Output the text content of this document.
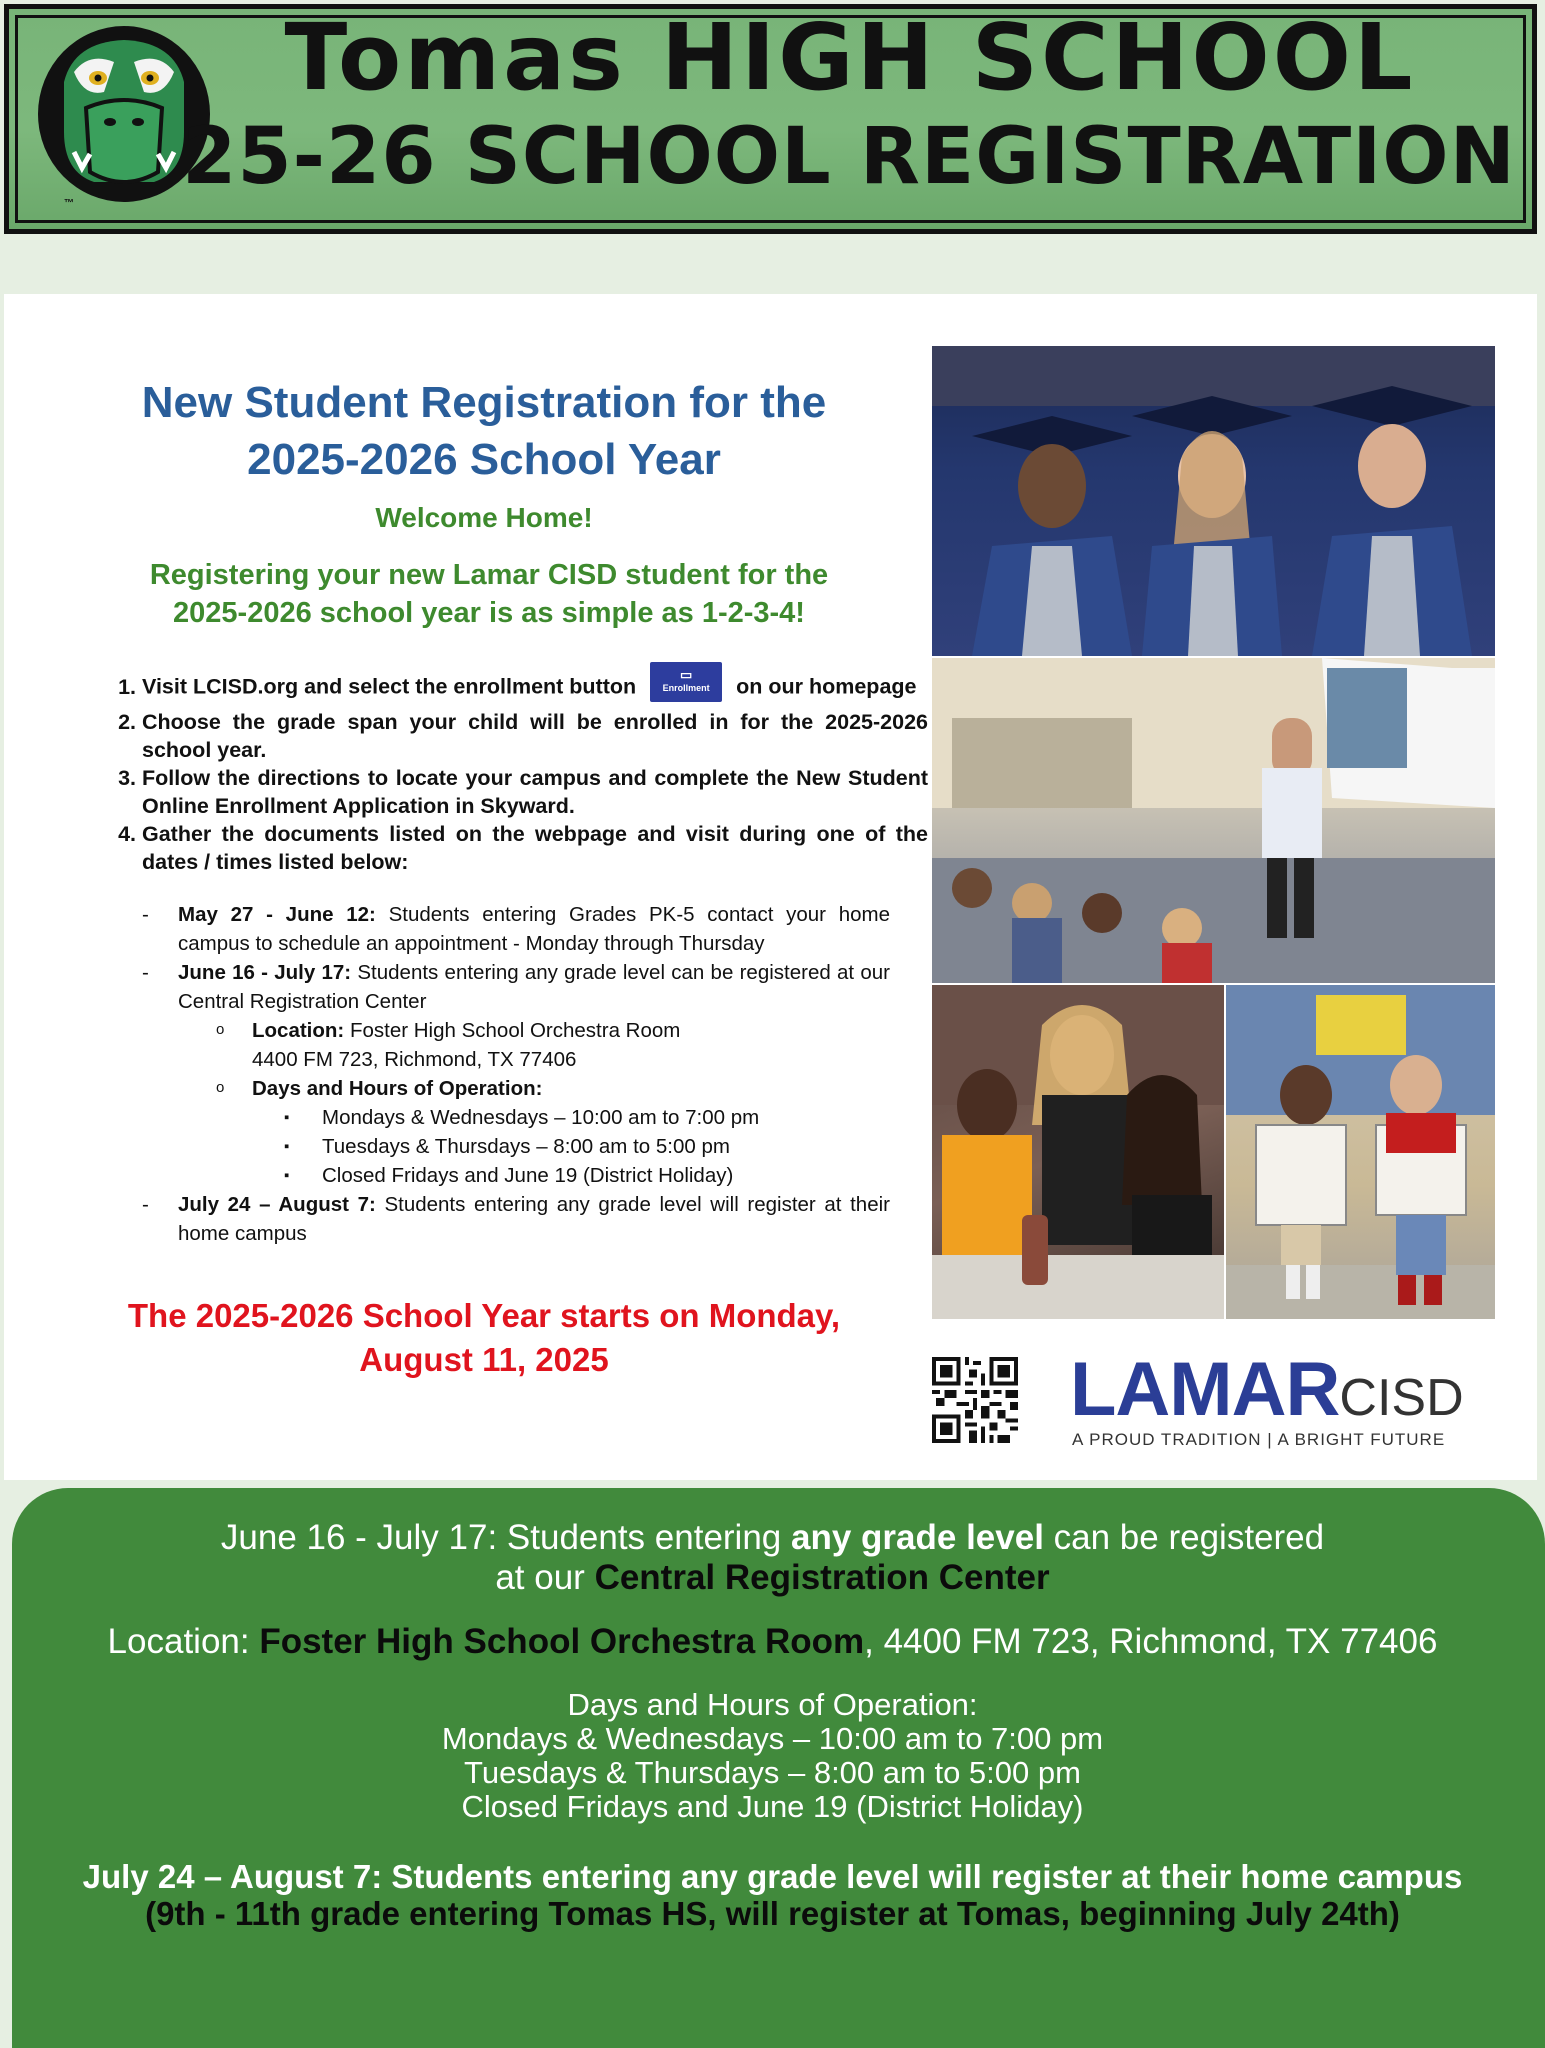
™
Tomas HIGH SCHOOL
25-26 SCHOOL REGISTRATION
New Student Registration for the
2025-2026 School Year
Welcome Home!
Registering your new Lamar CISD student for the
2025-2026 school year is as simple as 1-2-3-4!
1. Visit LCISD.org and select the enrollment button
▭
Enrollment	on our homepage
2. Choose the grade span your child will be enrolled in for the 2025-2026 school year.
3. Follow the directions to locate your campus and complete the New Student Online Enrollment Application in Skyward.
4. Gather the documents listed on the webpage and visit during one of the dates / times listed below:
- May 27 - June 12: Students entering Grades PK-5 contact your home campus to schedule an appointment - Monday through Thursday
- June 16 - July 17: Students entering any grade level can be registered at our Central Registration Center
o Location: Foster High School Orchestra Room
4400 FM 723, Richmond, TX 77406
o Days and Hours of Operation:
▪ Mondays & Wednesdays – 10:00 am to 7:00 pm
▪ Tuesdays & Thursdays – 8:00 am to 5:00 pm
▪ Closed Fridays and June 19 (District Holiday)
- July 24 – August 7: Students entering any grade level will register at their home campus
The 2025-2026 School Year starts on Monday,
August 11, 2025	LAMARCISD
A PROUD TRADITION | A BRIGHT FUTURE
June 16 - July 17: Students entering any grade level can be registered
at our Central Registration Center
Location: Foster High School Orchestra Room, 4400 FM 723, Richmond, TX 77406
Days and Hours of Operation:
Mondays & Wednesdays – 10:00 am to 7:00 pm
Tuesdays & Thursdays – 8:00 am to 5:00 pm
Closed Fridays and June 19 (District Holiday)
July 24 – August 7: Students entering any grade level will register at their home campus
(9th - 11th grade entering Tomas HS, will register at Tomas, beginning July 24th)
